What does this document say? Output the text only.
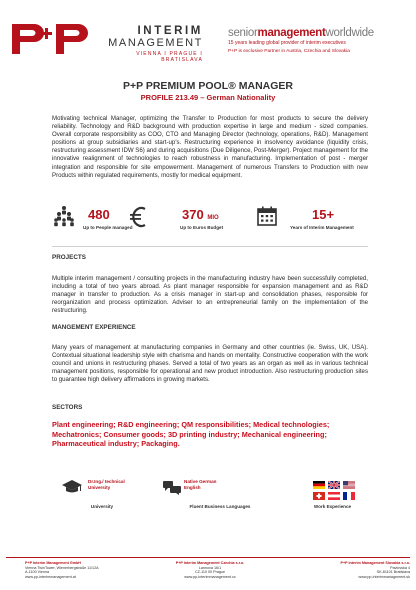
INTERIM
MANAGEMENT
VIENNA I PRAGUE I BRATISLAVA
seniormanagementworldwide
15 years leading global provider of interim executives
P+P is exclusive Partner in Austria, Czechia and Slovakia
P+P PREMIUM POOL® MANAGER
PROFILE 213.49 – German Nationality
Motivating technical Manager, optimizing the Transfer to Production for most products to secure the delivery reliability. Technology and R&D background with production expertise in large and medium - sized companies. Overall corporate responsibility as COO, CTO and Managing Director (technology, operations, R&D). Management positions at group subsidiaries and start-up's. Restructuring experience in insolvency avoidance (liquidity crisis, restructuring assessment IDW S6) and during acquisitions (Due Diligence, Post-Merger). Project management for the innovative realignment of technologies to reach robustness in manufacturing. Implementation of post - merger integration and responsible for site empowerment. Management of numerous Transfers to Production with new Products within regulated requirements, mostly for medical equipment.
480
Up to People managed
370 MIO
Up to Euros Budget
15+
Years of Interim Management
PROJECTS
Multiple interim management / consulting projects in the manufacturing industry have been successfully completed, including a total of two years abroad. As plant manager responsible for expansion management and as R&D manager in transfer to production. As a crisis manager in start-up and consolidation phases, responsible for reorganization and process optimization. Adviser to an entrepreneurial family on the implementation of the restructuring.
MANGEMENT EXPERIENCE
Many years of management at manufacturing companies in Germany and other countries (ie. Swiss, UK, USA). Contextual situational leadership style with charisma and hands on mentality. Constructive cooperation with the work council and unions in restructuring phases. Served a total of two years as an organ as well as in various technical management positions, responsible for operational and new product introduction. Also restructuring production sites to guarantee high delivery affirmations in growing markets.
SECTORS
Plant engineering; R&D engineering; QM responsibilities; Medical technologies; Mechatronics; Consumer goods; 3D printing industry; Mechanical engineering; Pharmaceutical industry; Packaging.
Dr.Ing./ technical
University
University
Native German
English
Fluent Business Languages	Work Experience
P+P Interim Management GmbH
Vienna TwinTower, Wienerbergstraße 11/12A
A-1100 Vienna
www.pp-interimmanagement.at
P+P Interim Management Czechia s.r.o.
Lannova 16/1
CZ-110 00 Prague
www.pp-interimmanagement.cz
P+P Interim Management Slovakia s.r.o.
Pavlovská 4
SK-81101 Bratislava
www.pp-interimmanagement.sk
